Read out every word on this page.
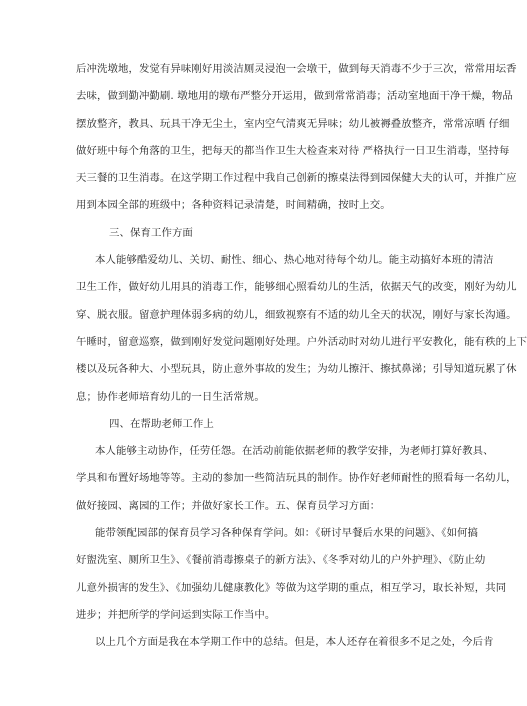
后冲洗墩地，发觉有异味刚好用淡洁厕灵浸泡一会墩干，做到每天消毒不少于三次，常常用坛香
去味，做到勤冲勤刷. 墩地用的墩布严整分开运用，做到常常消毒；活动室地面干净干燥，物品
摆放整齐，教具、玩具干净无尘土，室内空气清爽无异味；幼儿被褥叠放整齐，常常凉晒 仔细
做好班中每个角落的卫生，把每天的都当作卫生大检查来对待 严格执行一日卫生消毒，坚持每
天三餐的卫生消毒。在这学期工作过程中我自己创新的擦桌法得到园保健大夫的认可，并推广应
用到本园全部的班级中；各种资料记录清楚，时间精确，按时上交。
三、保育工作方面
本人能够酷爱幼儿、关切、耐性、细心、热心地对待每个幼儿。能主动搞好本班的清洁
卫生工作，做好幼儿用具的消毒工作，能够细心照看幼儿的生活，依据天气的改变，刚好为幼儿
穿、脱衣服。留意护理体弱多病的幼儿，细致视察有不适的幼儿全天的状况，刚好与家长沟通。
午睡时，留意巡察，做到刚好发觉问题刚好处理。户外活动时对幼儿进行平安教化，能有秩的上下
楼以及玩各种大、小型玩具，防止意外事故的发生；为幼儿擦汗、擦拭鼻涕；引导知道玩累了休
息；协作老师培育幼儿的一日生活常规。
四、在帮助老师工作上
本人能够主动协作，任劳任怨。在活动前能依据老师的教学安排，为老师打算好教具、
学具和布置好场地等等。主动的参加一些简洁玩具的制作。协作好老师耐性的照看每一名幼儿，
做好接园、离园的工作；并做好家长工作。五、保育员学习方面：
能带领配园部的保育员学习各种保育学问。如：《研讨早餐后水果的问题》、《如何搞
好盥洗室、厕所卫生》、《餐前消毒擦桌子的新方法》、《冬季对幼儿的户外护理》、《防止幼
儿意外损害的发生》、《加强幼儿健康教化》等做为这学期的重点，相互学习，取长补短，共同
进步；并把所学的学问运到实际工作当中。
以上几个方面是我在本学期工作中的总结。但是，本人还存在着很多不足之处，今后肯
